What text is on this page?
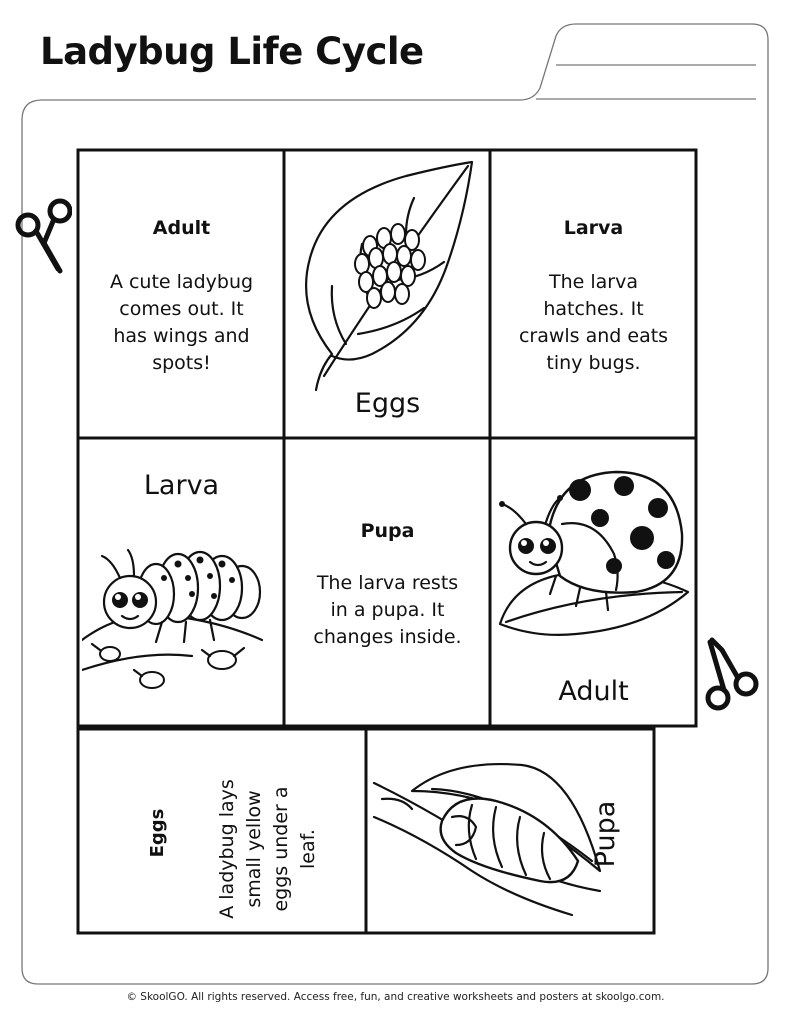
Ladybug Life Cycle
Adult
A cute ladybug
comes out. It
has wings and
spots!
Eggs
Larva
The larva
hatches. It
crawls and eats
tiny bugs.
Larva
Pupa
The larva rests
in a pupa. It
changes inside.
Adult
Eggs	A ladybug lays small yellow eggs under a leaf.	Pupa
© SkoolGO. All rights reserved. Access free, fun, and creative worksheets and posters at skoolgo.com.
